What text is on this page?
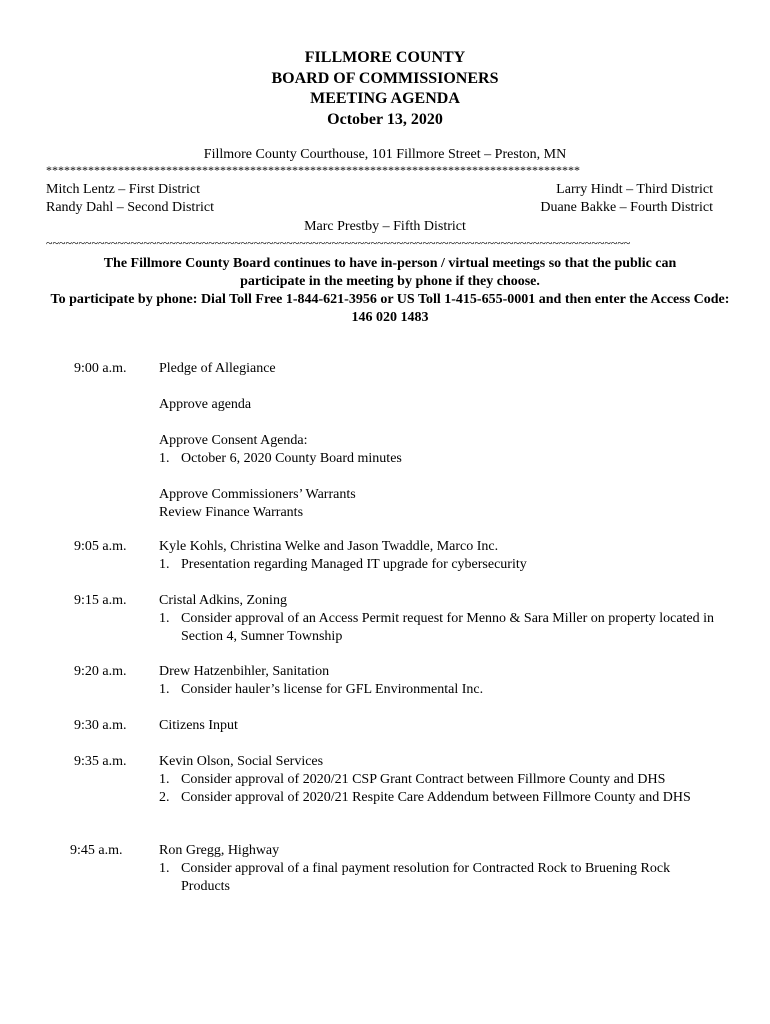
FILLMORE COUNTY
BOARD OF COMMISSIONERS
MEETING AGENDA
October 13, 2020
Fillmore County Courthouse, 101 Fillmore Street – Preston, MN
*****************************************************************************************
Mitch Lentz – First District
Randy Dahl – Second District
Larry Hindt – Third District
Duane Bakke – Fourth District
Marc Prestby – Fifth District
~~~~~~~~~~~~~~~~~~~~~~~~~~~~~~~~~~~~~~~~~~~~~~~~~~~~~~~~~~~~~~~~~~~~~~~~~~~~~~~~~~~~~~~~~~

The Fillmore County Board continues to have in-person / virtual meetings so that the public can participate in the meeting by phone if they choose.

To participate by phone: Dial Toll Free 1-844-621-3956 or US Toll 1-415-655-0001 and then enter the Access Code: 146 020 1483

9:00 a.m. Pledge of Allegiance
Approve agenda
Approve Consent Agenda:
1. October 6, 2020 County Board minutes
Approve Commissioners’ Warrants
Review Finance Warrants
9:05 a.m. Kyle Kohls, Christina Welke and Jason Twaddle, Marco Inc.
1. Presentation regarding Managed IT upgrade for cybersecurity
9:15 a.m. Cristal Adkins, Zoning
1. Consider approval of an Access Permit request for Menno & Sara Miller on property located in Section 4, Sumner Township
9:20 a.m. Drew Hatzenbihler, Sanitation
1. Consider hauler’s license for GFL Environmental Inc.
9:30 a.m. Citizens Input
9:35 a.m. Kevin Olson, Social Services
1. Consider approval of 2020/21 CSP Grant Contract between Fillmore County and DHS
2. Consider approval of 2020/21 Respite Care Addendum between Fillmore County and DHS
9:45 a.m.	Ron Gregg, Highway
1. Consider approval of a final payment resolution for Contracted Rock to Bruening Rock Products
